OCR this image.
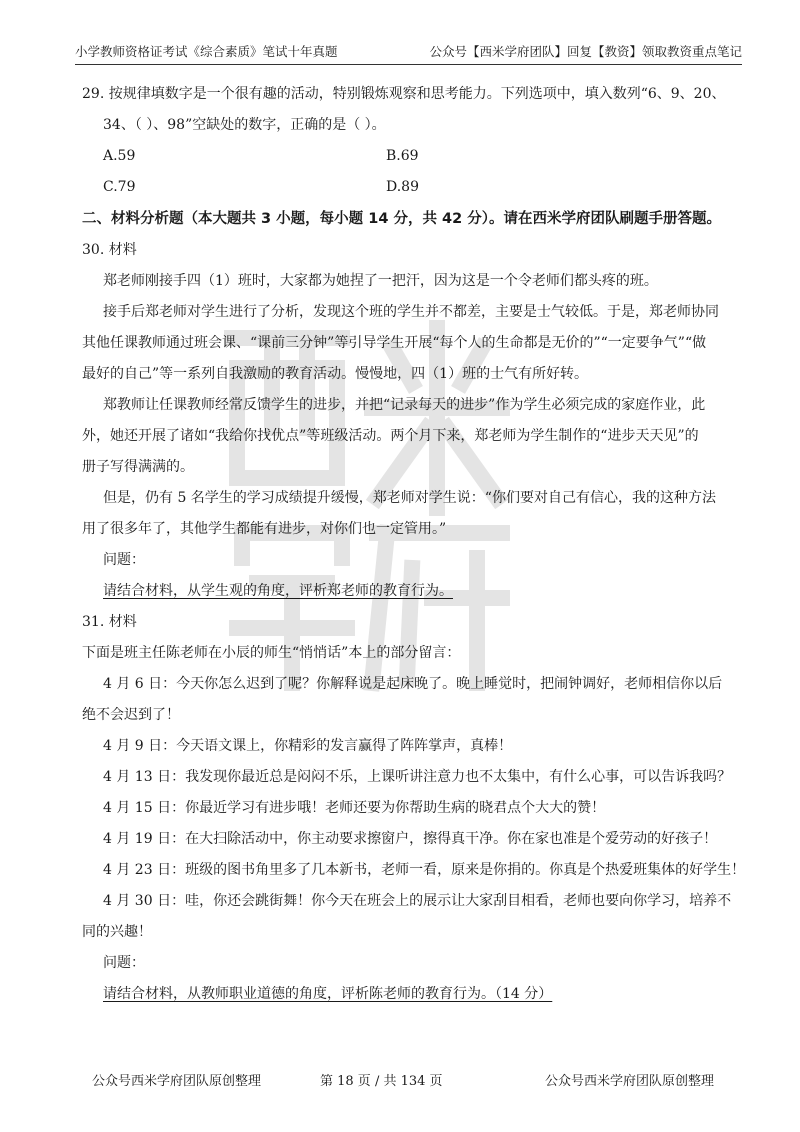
小学教师资格证考试《综合素质》笔试十年真题	公众号【西米学府团队】回复【教资】领取教资重点笔记
29. 按规律填数字是一个很有趣的活动，特别锻炼观察和思考能力。下列选项中，填入数列“6、9、20、
34、（ ）、98”空缺处的数字，正确的是（ ）。
A.59	B.69
C.79	D.89
二、材料分析题（本大题共 3 小题，每小题 14 分，共 42 分）。请在西米学府团队刷题手册答题。
30. 材料
郑老师刚接手四（1）班时，大家都为她捏了一把汗，因为这是一个令老师们都头疼的班。
接手后郑老师对学生进行了分析，发现这个班的学生并不都差，主要是士气较低。于是，郑老师协同
其他任课教师通过班会课、“课前三分钟”等引导学生开展“每个人的生命都是无价的”“一定要争气”“做
最好的自己”等一系列自我激励的教育活动。慢慢地，四（1）班的士气有所好转。
郑教师让任课教师经常反馈学生的进步，并把“记录每天的进步”作为学生必须完成的家庭作业，此
外，她还开展了诸如“我给你找优点”等班级活动。两个月下来，郑老师为学生制作的“进步天天见”的
册子写得满满的。
但是，仍有 5 名学生的学习成绩提升缓慢，郑老师对学生说：“你们要对自己有信心，我的这种方法
用了很多年了，其他学生都能有进步，对你们也一定管用。”
问题：
请结合材料，从学生观的角度，评析郑老师的教育行为。
31. 材料
下面是班主任陈老师在小辰的师生“悄悄话”本上的部分留言：
4 月 6 日：今天你怎么迟到了呢？你解释说是起床晚了。晚上睡觉时，把闹钟调好，老师相信你以后
绝不会迟到了！
4 月 9 日：今天语文课上，你精彩的发言赢得了阵阵掌声，真棒！
4 月 13 日：我发现你最近总是闷闷不乐，上课听讲注意力也不太集中，有什么心事，可以告诉我吗？
4 月 15 日：你最近学习有进步哦！老师还要为你帮助生病的晓君点个大大的赞！
4 月 19 日：在大扫除活动中，你主动要求擦窗户，擦得真干净。你在家也准是个爱劳动的好孩子！
4 月 23 日：班级的图书角里多了几本新书，老师一看，原来是你捐的。你真是个热爱班集体的好学生！
4 月 30 日：哇，你还会跳街舞！你今天在班会上的展示让大家刮目相看，老师也要向你学习，培养不
同的兴趣！
问题：
请结合材料，从教师职业道德的角度，评析陈老师的教育行为。（14 分）
公众号西米学府团队原创整理	第 18 页 / 共 134 页	公众号西米学府团队原创整理
